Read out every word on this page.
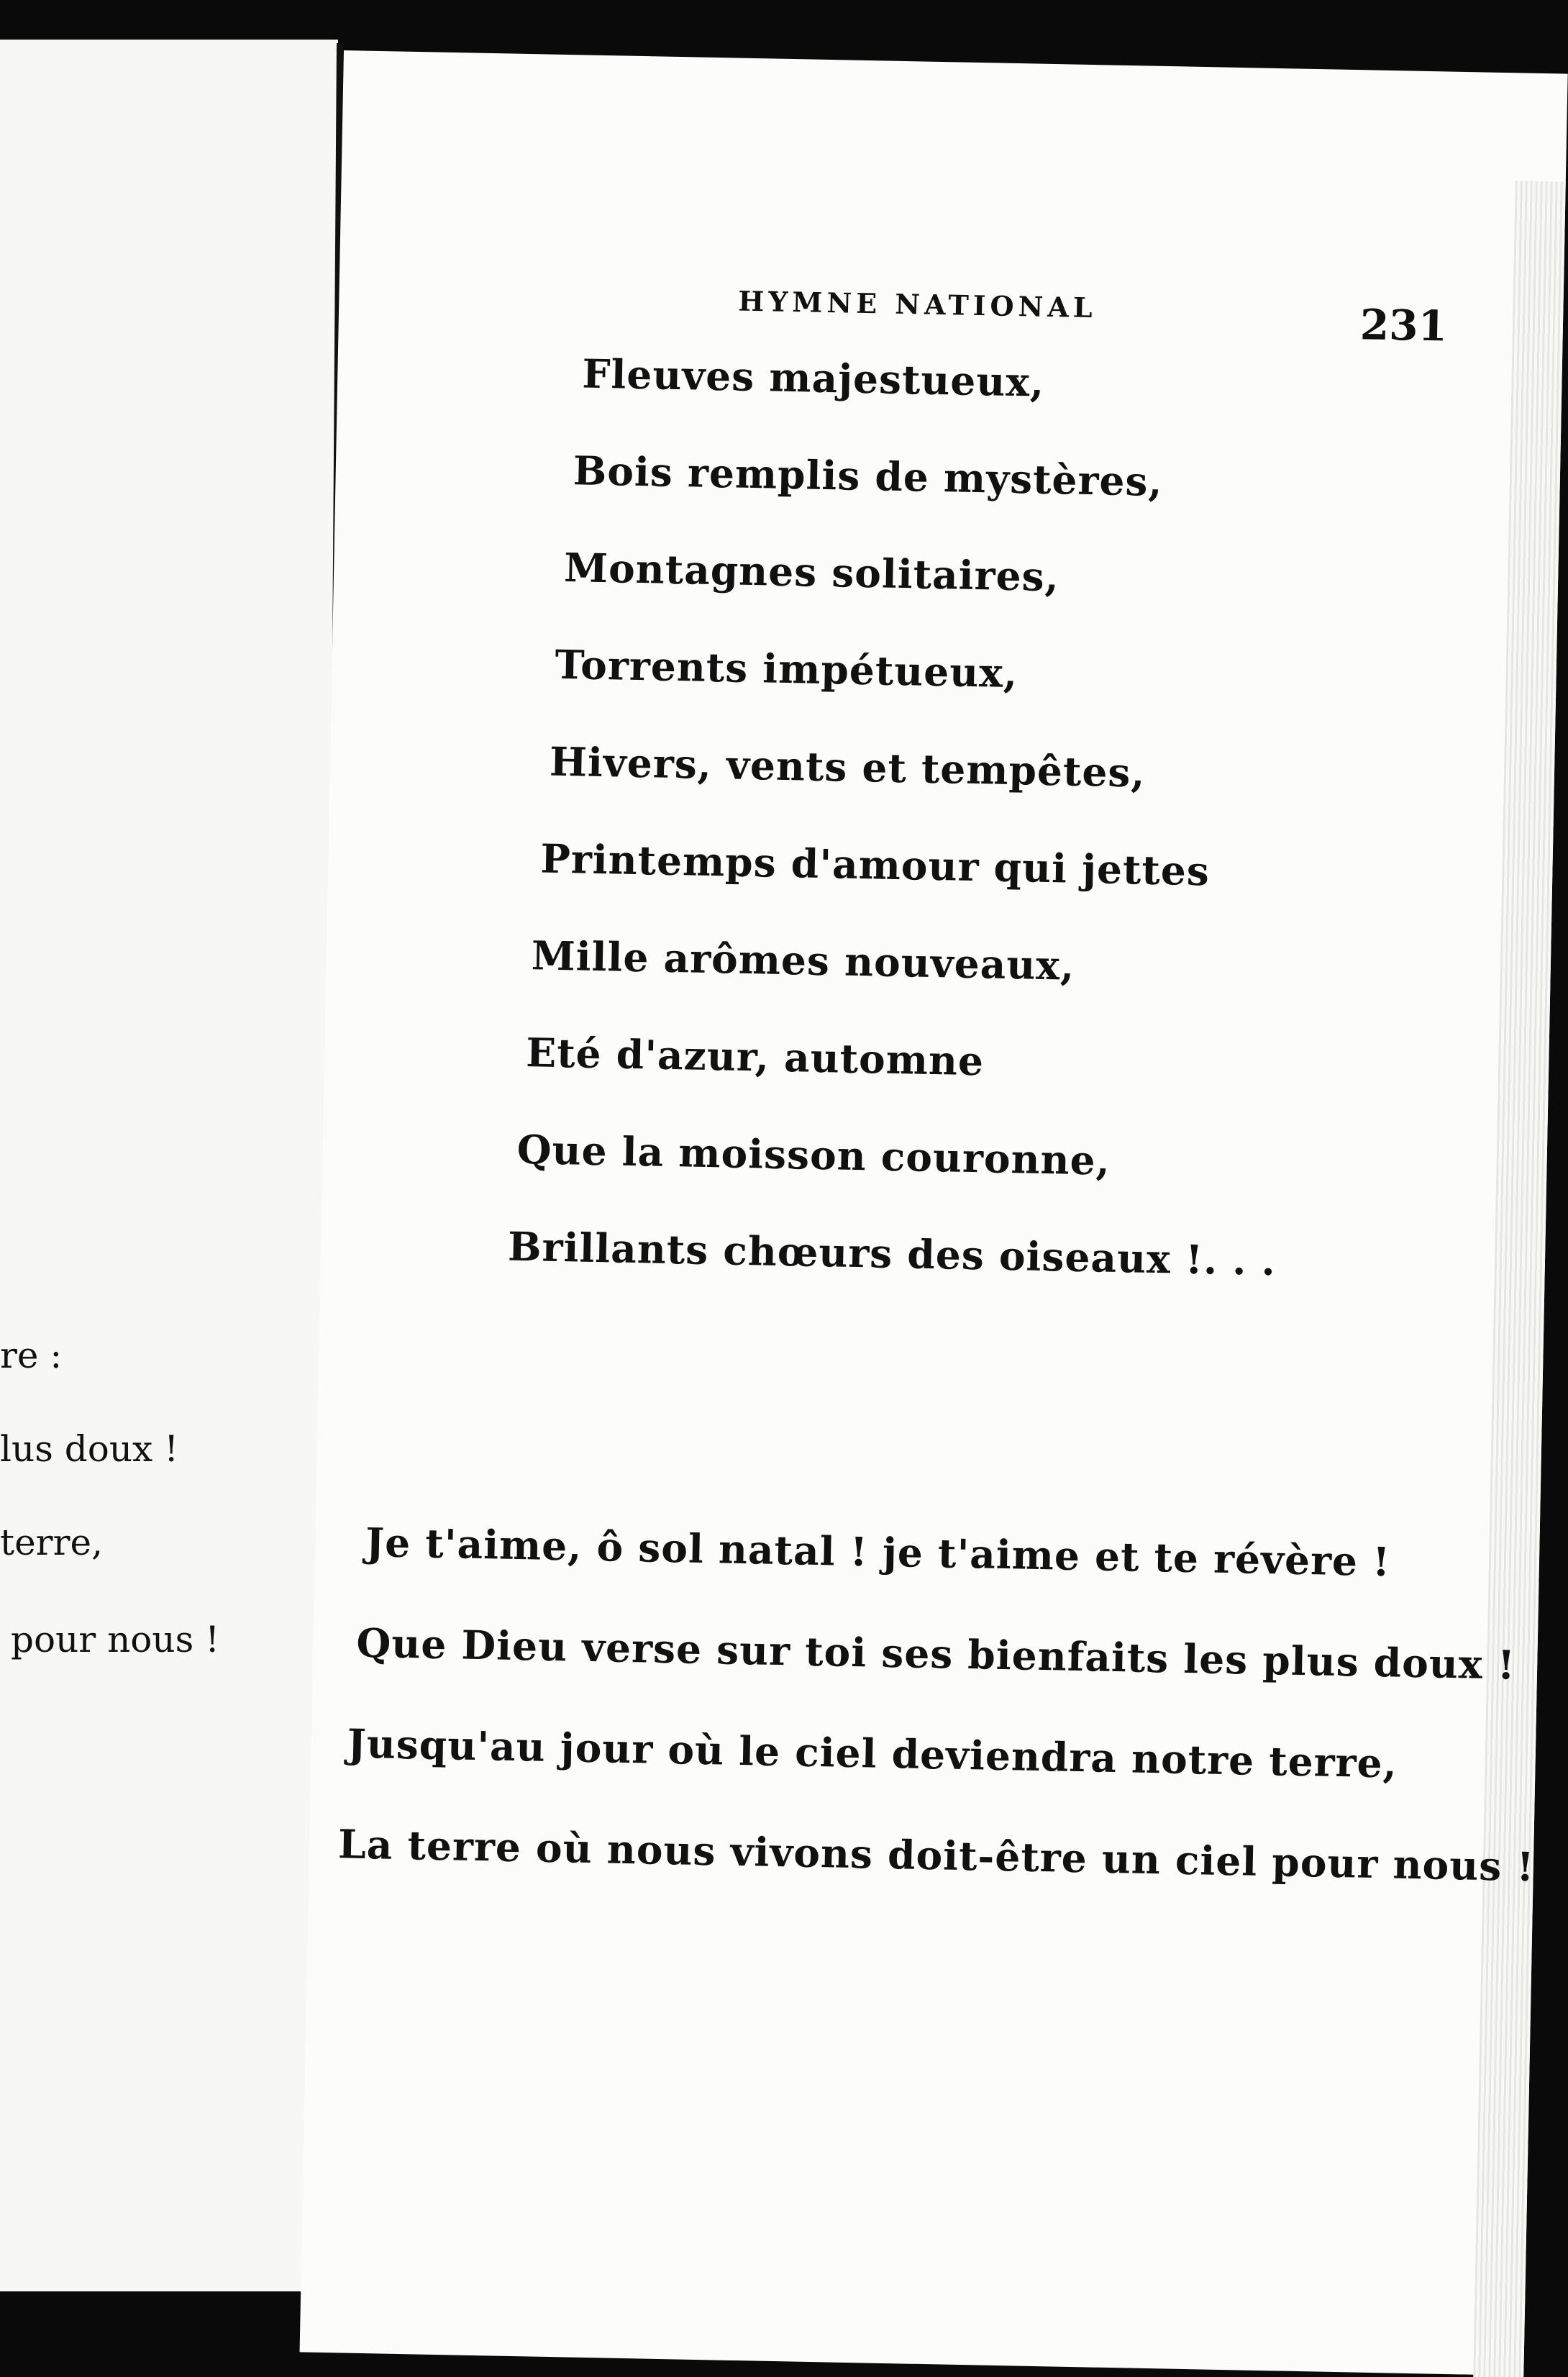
re :
lus doux !
terre,
pour nous !
HYMNE NATIONAL	231
Fleuves majestueux,
Bois remplis de mystères,
Montagnes solitaires,
Torrents impétueux,
Hivers, vents et tempêtes,
Printemps d'amour qui jettes
Mille arômes nouveaux,
Eté d'azur, automne
Que la moisson couronne,
Brillants chœurs des oiseaux !. . .
Je t'aime, ô sol natal ! je t'aime et te révère !
Que Dieu verse sur toi ses bienfaits les plus doux !
Jusqu'au jour où le ciel deviendra notre terre,
La terre où nous vivons doit-être un ciel pour nous !
